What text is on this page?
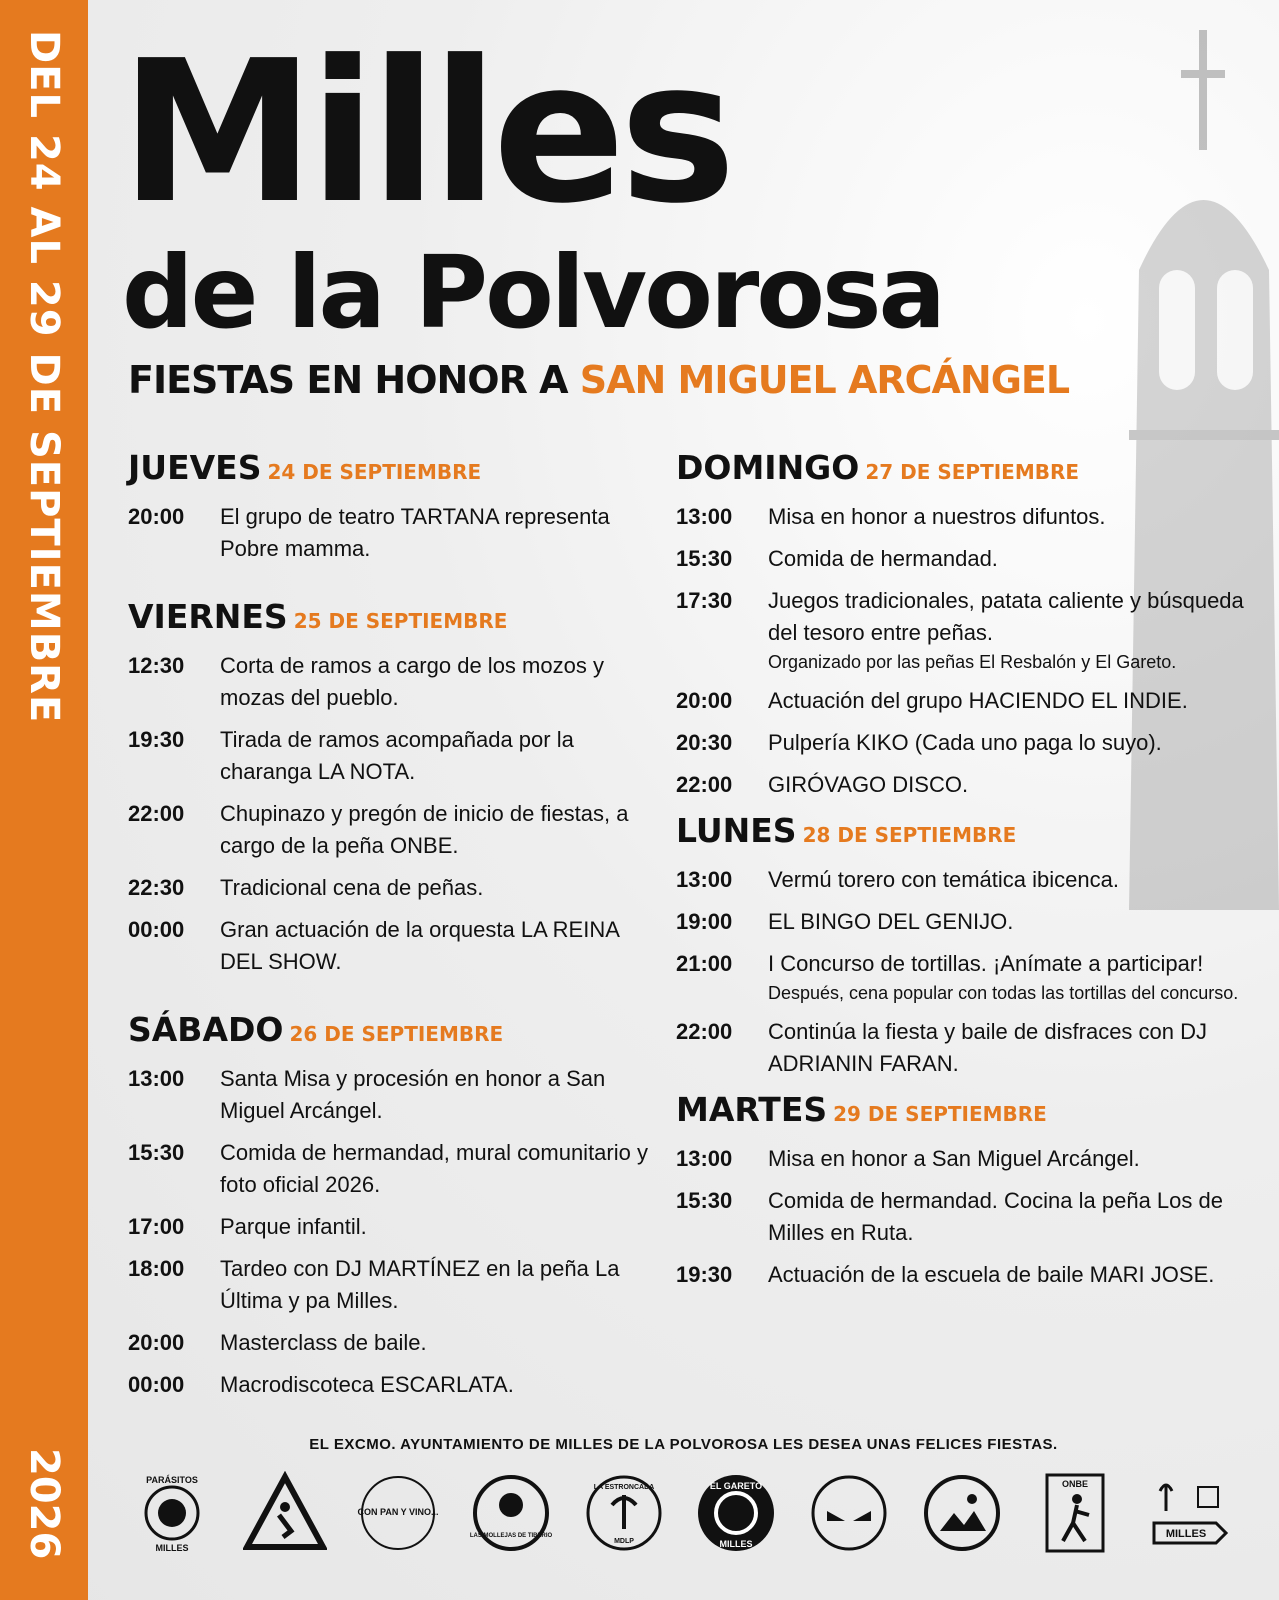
DEL 24 AL 29 DE SEPTIEMBRE
2026
Milles
de la Polvorosa
FIESTAS EN HONOR A SAN MIGUEL ARCÁNGEL
JUEVES 24 DE SEPTIEMBRE
20:00	El grupo de teatro TARTANA representa Pobre mamma.
VIERNES 25 DE SEPTIEMBRE
12:30	Corta de ramos a cargo de los mozos y mozas del pueblo.
19:30	Tirada de ramos acompañada por la charanga LA NOTA.
22:00	Chupinazo y pregón de inicio de fiestas, a cargo de la peña ONBE.
22:30	Tradicional cena de peñas.
00:00	Gran actuación de la orquesta LA REINA DEL SHOW.
SÁBADO 26 DE SEPTIEMBRE
13:00	Santa Misa y procesión en honor a San Miguel Arcángel.
15:30	Comida de hermandad, mural comunitario y foto oficial 2026.
17:00	Parque infantil.
18:00	Tardeo con DJ MARTÍNEZ en la peña La Última y pa Milles.
20:00	Masterclass de baile.
00:00	Macrodiscoteca ESCARLATA.
DOMINGO 27 DE SEPTIEMBRE
13:00	Misa en honor a nuestros difuntos.
15:30	Comida de hermandad.
17:30	Juegos tradicionales, patata caliente y búsqueda del tesoro entre peñas.
Organizado por las peñas El Resbalón y El Gareto.
20:00	Actuación del grupo HACIENDO EL INDIE.
20:30	Pulpería KIKO (Cada uno paga lo suyo).
22:00	GIRÓVAGO DISCO.
LUNES 28 DE SEPTIEMBRE
13:00	Vermú torero con temática ibicenca.
19:00	EL BINGO DEL GENIJO.
21:00	I Concurso de tortillas. ¡Anímate a participar!
Después, cena popular con todas las tortillas del concurso.
22:00	Continúa la fiesta y baile de disfraces con DJ ADRIANIN FARAN.
MARTES 29 DE SEPTIEMBRE
13:00	Misa en honor a San Miguel Arcángel.
15:30	Comida de hermandad. Cocina la peña Los de Milles en Ruta.
19:30	Actuación de la escuela de baile MARI JOSE.
EL EXCMO. AYUNTAMIENTO DE MILLES DE LA POLVOROSA LES DESEA UNAS FELICES FIESTAS.
PARÁSITOS
MILLES
CON PAN Y VINO...
LAS MOLLEJAS DE TIBERIO
LA ESTRONCADA
MDLP
EL GARETO
MILLES
ONBE
MILLES
